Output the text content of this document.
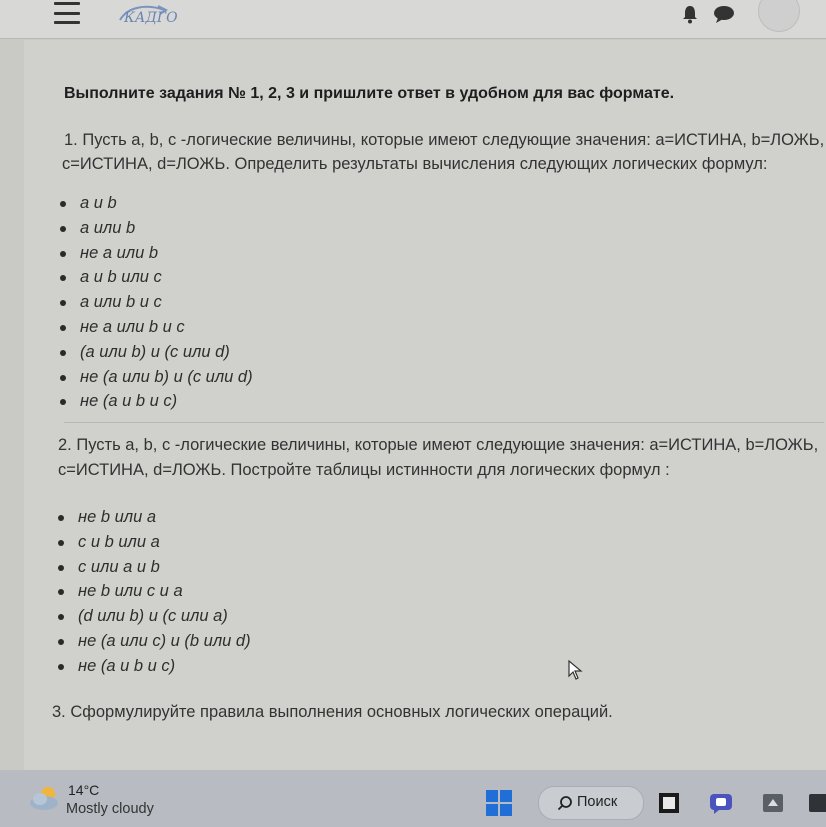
КАДГО
Выполните задания № 1, 2, 3 и пришлите ответ в удобном для вас формате.

1. Пусть a, b, c -логические величины, которые имеют следующие значения: a=ИСТИНА, b=ЛОЖЬ,

c=ИСТИНА, d=ЛОЖЬ. Определить результаты вычисления следующих логических формул:

а и b
а или b
не а или b
а и b или с
а или b и с
не а или b и с
(а или b) и (с или d)
не (а или b) и (с или d)
не (а и b и с)

2. Пусть a, b, c -логические величины, которые имеют следующие значения: a=ИСТИНА, b=ЛОЖЬ,

c=ИСТИНА, d=ЛОЖЬ. Постройте таблицы истинности для логических формул :

не b или а
с и b или а
с или а и b
не b или с и а
(d или b) и (с или а)
не (а или с) и (b или d)
не (а и b и с)

3. Сформулируйте правила выполнения основных логических операций.

14°C
Mostly cloudy	Поиск
